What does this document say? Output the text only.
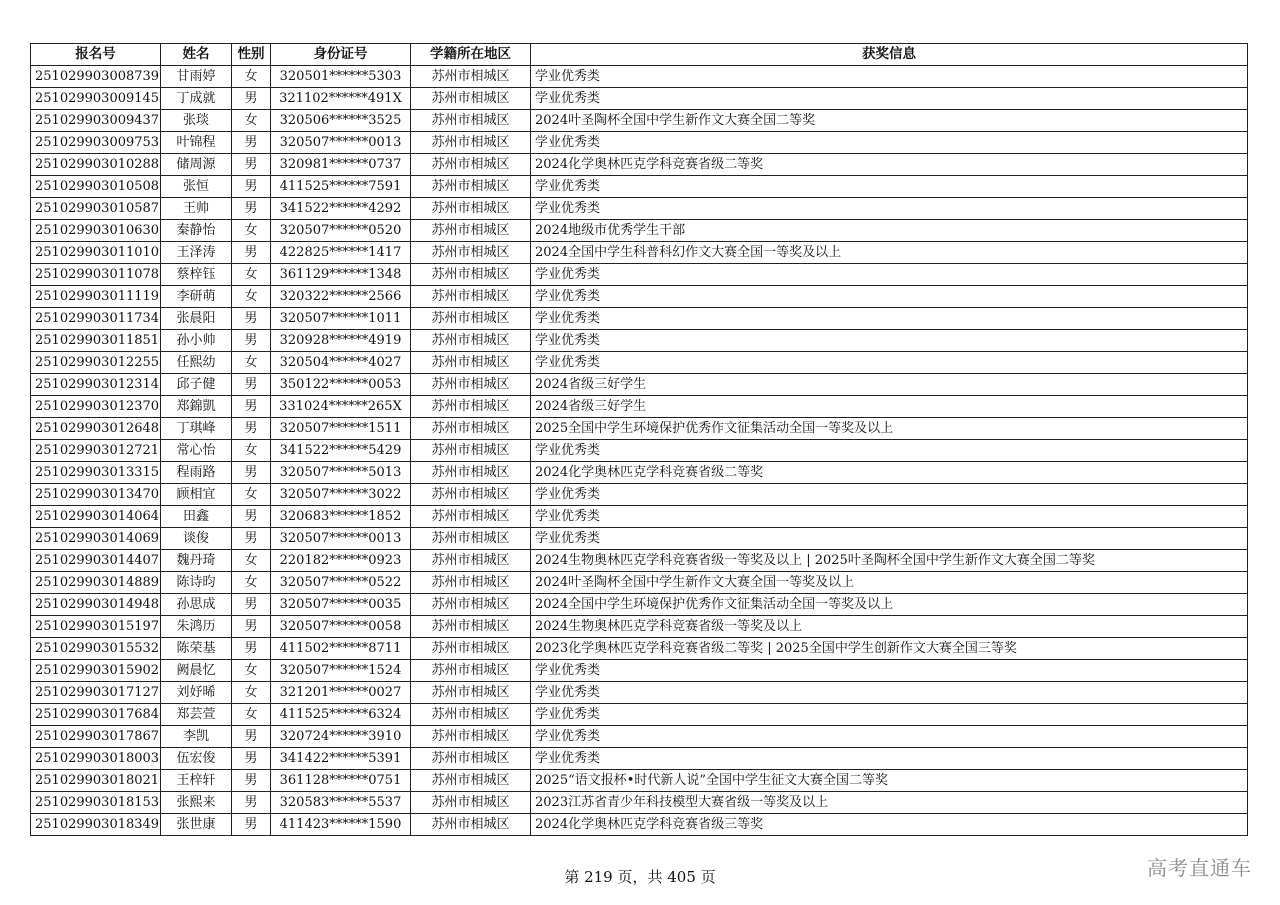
报名号	姓名	性别	身份证号	学籍所在地区	获奖信息
251029903008739	甘雨婷	女	320501******5303	苏州市相城区	学业优秀类
251029903009145	丁成就	男	321102******491X	苏州市相城区	学业优秀类
251029903009437	张琰	女	320506******3525	苏州市相城区	2024叶圣陶杯全国中学生新作文大赛全国二等奖
251029903009753	叶锦程	男	320507******0013	苏州市相城区	学业优秀类
251029903010288	储周源	男	320981******0737	苏州市相城区	2024化学奥林匹克学科竞赛省级二等奖
251029903010508	张恒	男	411525******7591	苏州市相城区	学业优秀类
251029903010587	王帅	男	341522******4292	苏州市相城区	学业优秀类
251029903010630	秦静怡	女	320507******0520	苏州市相城区	2024地级市优秀学生干部
251029903011010	王泽涛	男	422825******1417	苏州市相城区	2024全国中学生科普科幻作文大赛全国一等奖及以上
251029903011078	蔡梓钰	女	361129******1348	苏州市相城区	学业优秀类
251029903011119	李研萌	女	320322******2566	苏州市相城区	学业优秀类
251029903011734	张晨阳	男	320507******1011	苏州市相城区	学业优秀类
251029903011851	孙小帅	男	320928******4919	苏州市相城区	学业优秀类
251029903012255	任熙幼	女	320504******4027	苏州市相城区	学业优秀类
251029903012314	邱子健	男	350122******0053	苏州市相城区	2024省级三好学生
251029903012370	郑錦凱	男	331024******265X	苏州市相城区	2024省级三好学生
251029903012648	丁琪峰	男	320507******1511	苏州市相城区	2025全国中学生环境保护优秀作文征集活动全国一等奖及以上
251029903012721	常心怡	女	341522******5429	苏州市相城区	学业优秀类
251029903013315	程雨路	男	320507******5013	苏州市相城区	2024化学奥林匹克学科竞赛省级二等奖
251029903013470	顾相宜	女	320507******3022	苏州市相城区	学业优秀类
251029903014064	田鑫	男	320683******1852	苏州市相城区	学业优秀类
251029903014069	谈俊	男	320507******0013	苏州市相城区	学业优秀类
251029903014407	魏丹琦	女	220182******0923	苏州市相城区	2024生物奥林匹克学科竞赛省级一等奖及以上 | 2025叶圣陶杯全国中学生新作文大赛全国二等奖
251029903014889	陈诗昀	女	320507******0522	苏州市相城区	2024叶圣陶杯全国中学生新作文大赛全国一等奖及以上
251029903014948	孙思成	男	320507******0035	苏州市相城区	2024全国中学生环境保护优秀作文征集活动全国一等奖及以上
251029903015197	朱鸿历	男	320507******0058	苏州市相城区	2024生物奥林匹克学科竞赛省级一等奖及以上
251029903015532	陈荣基	男	411502******8711	苏州市相城区	2023化学奥林匹克学科竞赛省级二等奖 | 2025全国中学生创新作文大赛全国三等奖
251029903015902	阙晨忆	女	320507******1524	苏州市相城区	学业优秀类
251029903017127	刘妤晞	女	321201******0027	苏州市相城区	学业优秀类
251029903017684	郑芸萱	女	411525******6324	苏州市相城区	学业优秀类
251029903017867	李凯	男	320724******3910	苏州市相城区	学业优秀类
251029903018003	伍宏俊	男	341422******5391	苏州市相城区	学业优秀类
251029903018021	王梓轩	男	361128******0751	苏州市相城区	2025“语文报杯•时代新人说”全国中学生征文大赛全国二等奖
251029903018153	张熙来	男	320583******5537	苏州市相城区	2023江苏省青少年科技模型大赛省级一等奖及以上
251029903018349	张世康	男	411423******1590	苏州市相城区	2024化学奥林匹克学科竞赛省级三等奖
第 219 页，共 405 页	高考直通车
